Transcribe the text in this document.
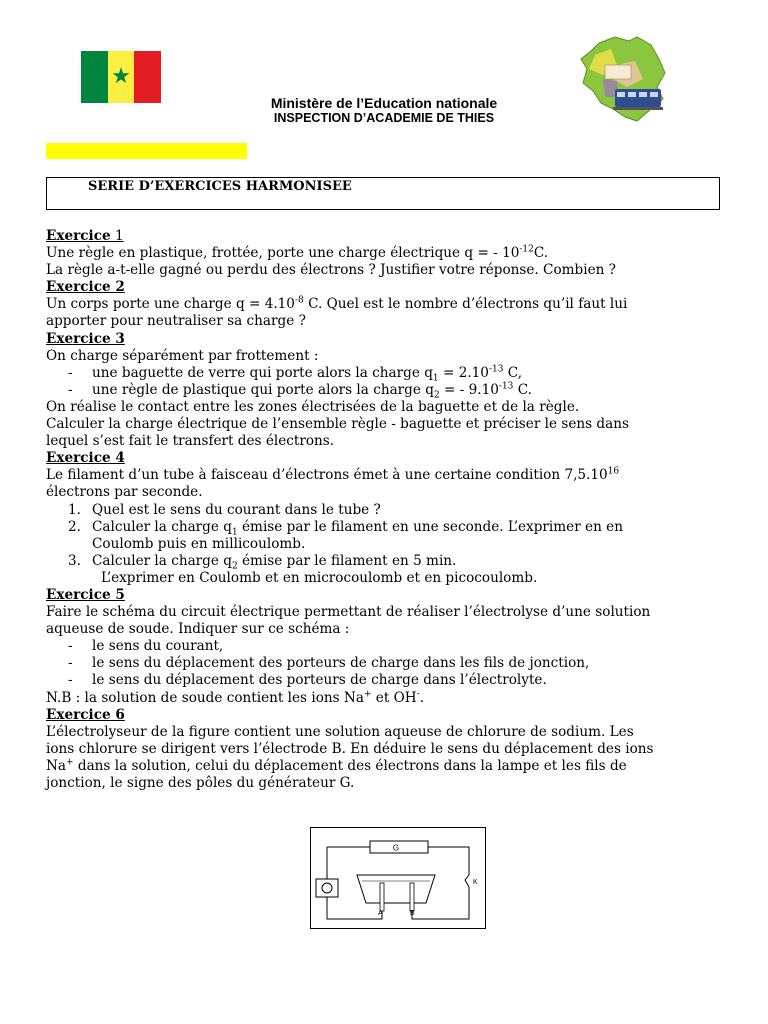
★
Ministère de l’Education nationale
INSPECTION D’ACADEMIE DE THIES
SERIE D’EXERCICES HARMONISEE

Exercice 1

Une règle en plastique, frottée, porte une charge électrique q = - $10^{-12}C$.

La règle a-t-elle gagné ou perdu des électrons ? Justifier votre réponse. Combien ?

Exercice 2

Un corps porte une charge $q = 4.10^{-8}$ C. Quel est le nombre d’électrons qu’il faut lui

apporter pour neutraliser sa charge ?

Exercice 3

On charge séparément par frottement :

- une baguette de verre qui porte alors la charge $q_1 = 2.10^{-13}$ C,

- une règle de plastique qui porte alors la charge $q_2$ = - $9.10^{-13}$ C.

On réalise le contact entre les zones électrisées de la baguette et de la règle.

Calculer la charge électrique de l’ensemble règle - baguette et préciser le sens dans

lequel s’est fait le transfert des électrons.

Exercice 4

Le filament d’un tube à faisceau d’électrons émet à une certaine condition 7,5.10$^{16}$

électrons par seconde.

1. Quel est le sens du courant dans le tube ?

2. Calculer la charge $q_1$ émise par le filament en une seconde. L’exprimer en en

Coulomb puis en millicoulomb.

3. Calculer la charge $q_2$ émise par le filament en 5 min.

L’exprimer en Coulomb et en microcoulomb et en picocoulomb.

Exercice 5

Faire le schéma du circuit électrique permettant de réaliser l’électrolyse d’une solution

aqueuse de soude. Indiquer sur ce schéma :

- le sens du courant,

- le sens du déplacement des porteurs de charge dans les fils de jonction,

- le sens du déplacement des porteurs de charge dans l’électrolyte.

N.B : la solution de soude contient les ions Na+ et OH-.

Exercice 6

L’électrolyseur de la figure contient une solution aqueuse de chlorure de sodium. Les

ions chlorure se dirigent vers l’électrode B. En déduire le sens du déplacement des ions

Na+ dans la solution, celui du déplacement des électrons dans la lampe et les fils de

jonction, le signe des pôles du générateur G.

G
K
A	B
